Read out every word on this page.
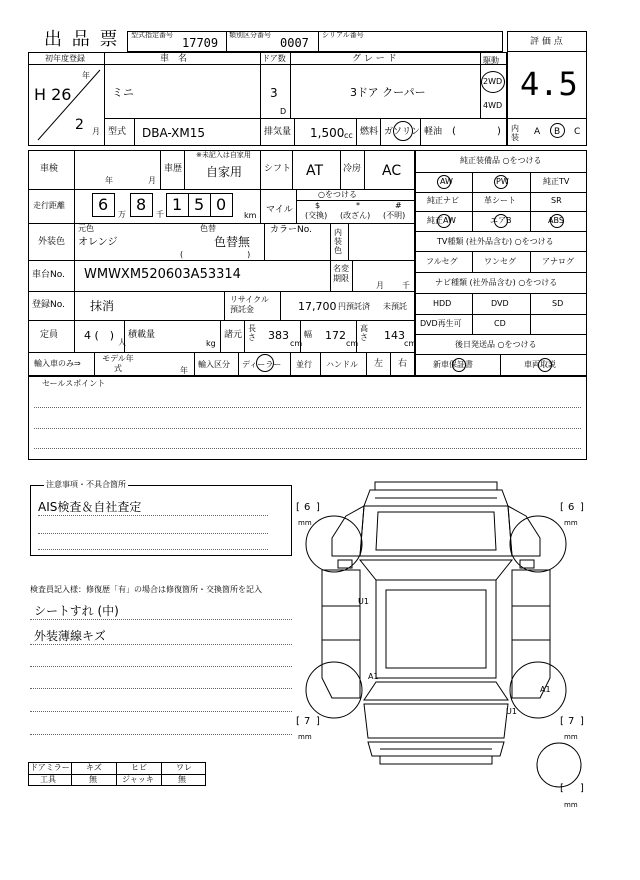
出 品 票 型式指定番号
17709
類別区分番号
0007
シリアル番号
評 価 点
4.5
内装
A B C
初年度登録
年
H 26
2 月
車　名
ミニ
ドア数
3
D
グ レ ー ド
3ドア クーパー
駆動
2WD
4WD
型式 DBA-XM15	排気量 1,500 cc 燃料 ガソリン 軽油 (	)
車検
年	月
車歴
※未記入は自家用
自家用 シフト AT 冷房 AC
走行距離 6
万
8
千
1 5 0
km
マイル
○をつける
$
(交換)
*
(改ざん)
#
(不明)
外装色
元色
オレンジ
色替
色替無
(　　　　　　　　)
カラーNo.	内装色
車台No. WMWXM520603A53314	名変期限
月 千
登録No. 抹消	リサイクル預託金	17,700 円預託済 未預託
定員 4 (　)
人
積載量
kg
諸元
長さ 383
cm
幅 172
cm
高さ 143
cm
輸入車のみ⇒
モデル年式	年
輸入区分 ディーラー 並行 ハンドル 左 右
純正装備品 ○をつける
AW	PW	純正TV
純正ナビ	革シート	SR
純正AW	エアB	ABS
TV種類 (社外品含む) ○をつける
フルセグ	ワンセグ	アナログ
ナビ種類 (社外品含む) ○をつける
HDD	DVD	SD
DVD再生可	CD
後日発送品 ○をつける
新車保証書	車両取説
セールスポイント
注意事項・不具合箇所
AIS検査＆自社査定
検査員記入様：修復歴「有」の場合は修復箇所・交換箇所を記入
シートすれ (中)
外装薄線キズ
[ 6 ]
mm
[ 6 ]
mm
[ 7 ]
mm
[ 7 ]
mm
[ ]
mm
U1
U1
A1
A1
ドアミラー キズ	ヒビ	ワレ
工具	無	ジャッキ	無
